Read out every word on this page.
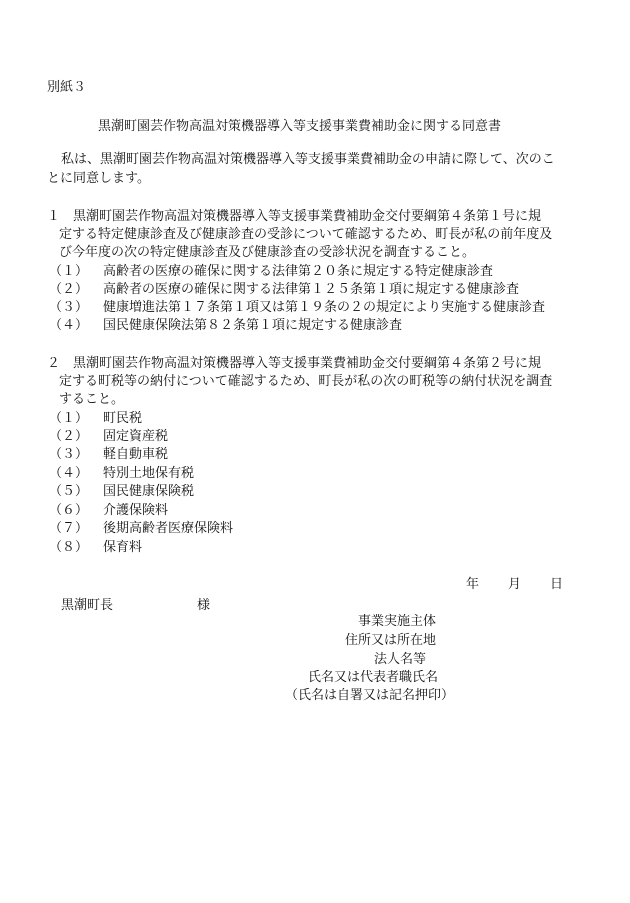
別紙３
黒潮町園芸作物高温対策機器導入等支援事業費補助金に関する同意書
私は、黒潮町園芸作物高温対策機器導入等支援事業費補助金の申請に際して、次のこ
とに同意します。
１　黒潮町園芸作物高温対策機器導入等支援事業費補助金交付要綱第４条第１号に規
定する特定健康診査及び健康診査の受診について確認するため、町長が私の前年度及
び今年度の次の特定健康診査及び健康診査の受診状況を調査すること。
（１） 高齢者の医療の確保に関する法律第２０条に規定する特定健康診査
（２） 高齢者の医療の確保に関する法律第１２５条第１項に規定する健康診査
（３） 健康増進法第１７条第１項又は第１９条の２の規定により実施する健康診査
（４） 国民健康保険法第８２条第１項に規定する健康診査
２　黒潮町園芸作物高温対策機器導入等支援事業費補助金交付要綱第４条第２号に規
定する町税等の納付について確認するため、町長が私の次の町税等の納付状況を調査
すること。
（１） 町民税
（２） 固定資産税
（３） 軽自動車税
（４） 特別土地保有税
（５） 国民健康保険税
（６） 介護保険料
（７） 後期高齢者医療保険料
（８） 保育料
年 月 日
黒潮町長	様
事業実施主体
住所又は所在地
法人名等
氏名又は代表者職氏名
（氏名は自署又は記名押印）
